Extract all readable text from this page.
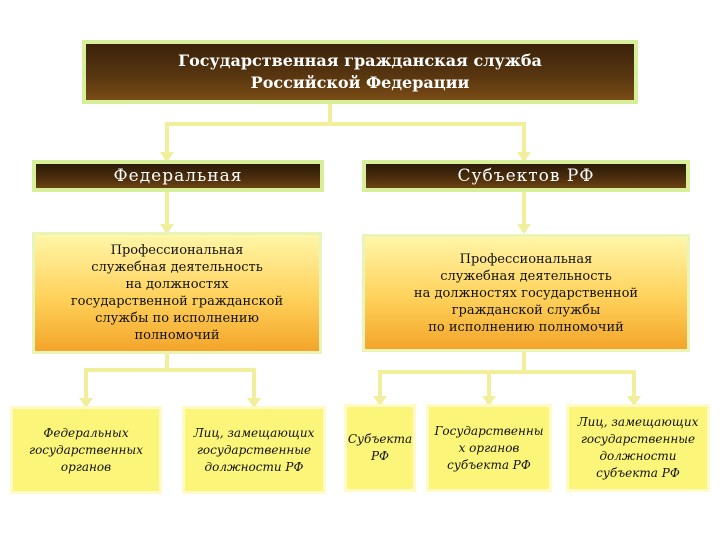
Государственная гражданская служба
Российской Федерации
Федеральная	Субъектов РФ
Профессиональная
служебная деятельность
на должностях
государственной гражданской
службы по исполнению
полномочий
Профессиональная
служебная деятельность
на должностях государственной
гражданской службы
по исполнению полномочий
Федеральных
государственных
органов
Лиц, замещающих
государственные
должности РФ
Субъекта
РФ
Государственны
х органов
субъекта РФ
Лиц, замещающих
государственные
должности
субъекта РФ
